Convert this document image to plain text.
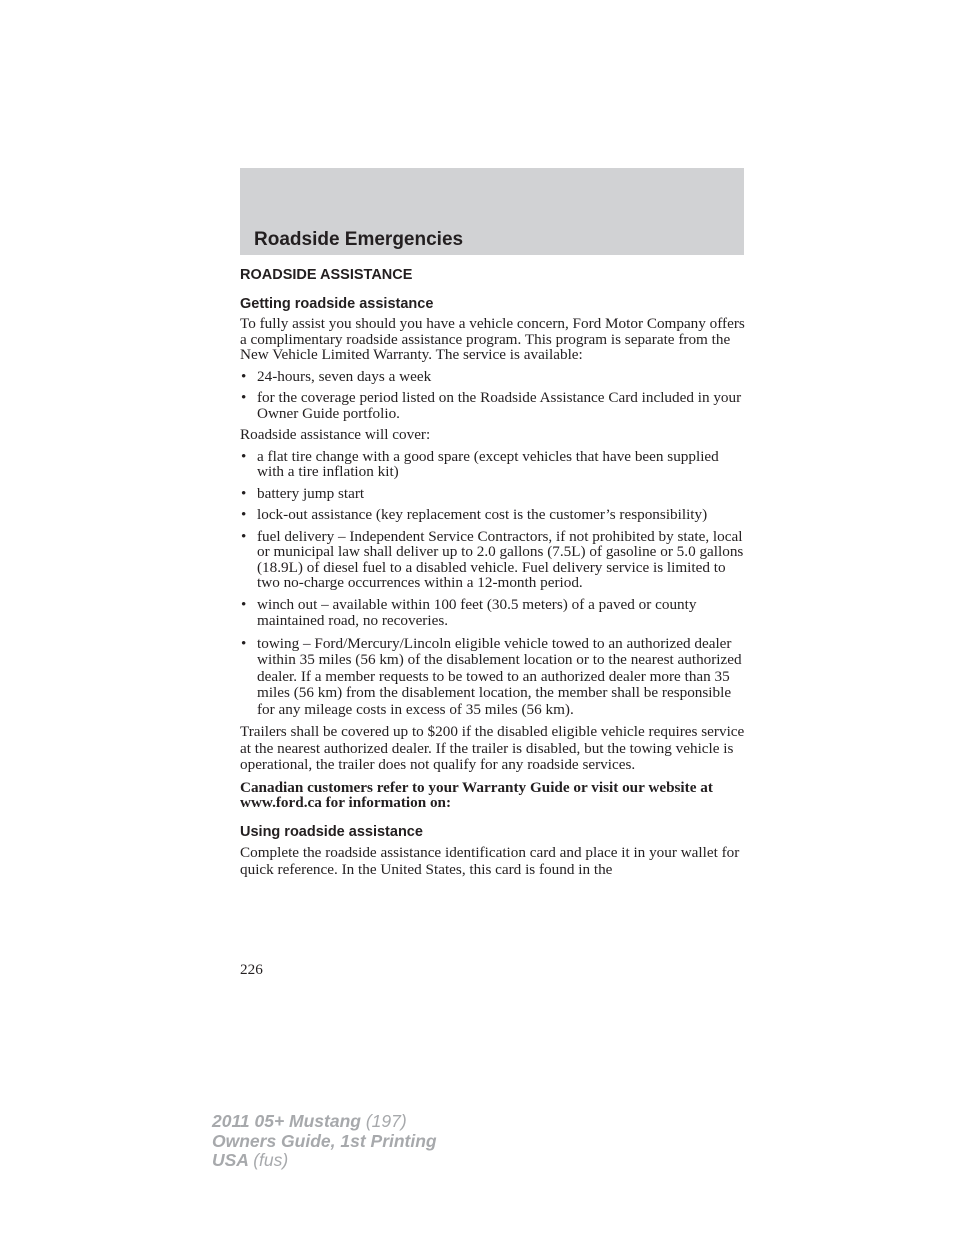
Roadside Emergencies
ROADSIDE ASSISTANCE
Getting roadside assistance

To fully assist you should you have a vehicle concern, Ford Motor Company offers a complimentary roadside assistance program. This program is separate from the New Vehicle Limited Warranty. The service is available:

• 24-hours, seven days a week
• for the coverage period listed on the Roadside Assistance Card included in your Owner Guide portfolio.

Roadside assistance will cover:

• a flat tire change with a good spare (except vehicles that have been supplied with a tire inflation kit)
• battery jump start
• lock-out assistance (key replacement cost is the customer’s responsibility)
• fuel delivery – Independent Service Contractors, if not prohibited by state, local or municipal law shall deliver up to 2.0 gallons (7.5L) of gasoline or 5.0 gallons (18.9L) of diesel fuel to a disabled vehicle. Fuel delivery service is limited to two no-charge occurrences within a 12-month period.
• winch out – available within 100 feet (30.5 meters) of a paved or county maintained road, no recoveries.
• towing – Ford/Mercury/Lincoln eligible vehicle towed to an authorized dealer within 35 miles (56 km) of the disablement location or to the nearest authorized dealer. If a member requests to be towed to an authorized dealer more than 35 miles (56 km) from the disablement location, the member shall be responsible for any mileage costs in excess of 35 miles (56 km).

Trailers shall be covered up to $200 if the disabled eligible vehicle requires service at the nearest authorized dealer. If the trailer is disabled, but the towing vehicle is operational, the trailer does not qualify for any roadside services.

Canadian customers refer to your Warranty Guide or visit our website at www.ford.ca for information on:

Using roadside assistance

Complete the roadside assistance identification card and place it in your wallet for quick reference. In the United States, this card is found in the

226
2011 05+ Mustang (197)
Owners Guide, 1st Printing
USA (fus)
